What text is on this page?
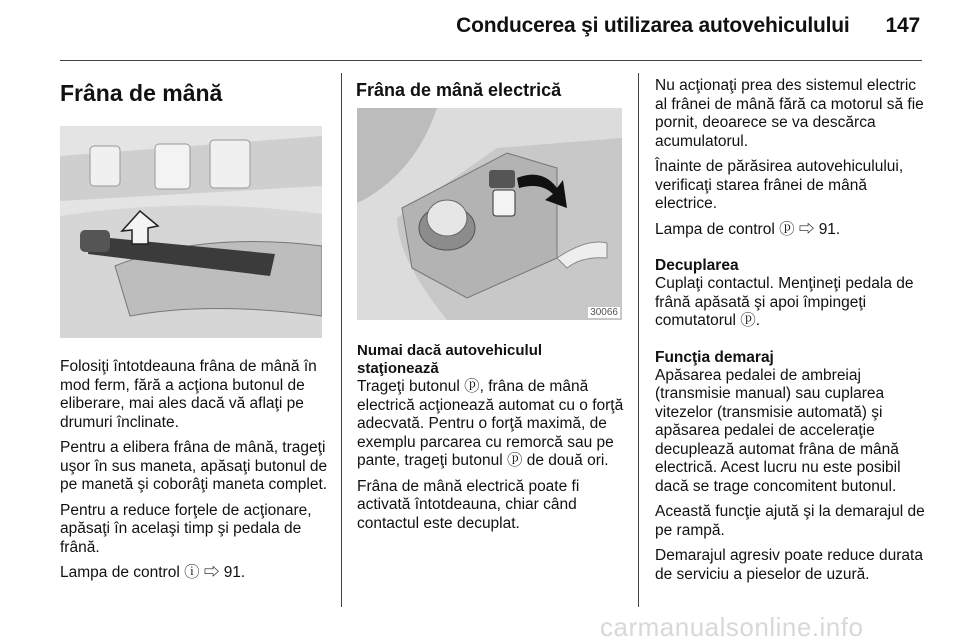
Conducerea şi utilizarea autovehiculului 147
Frâna de mână

Folosiţi întotdeauna frâna de mână în mod ferm, fără a acţiona butonul de eliberare, mai ales dacă vă aflaţi pe drumuri înclinate.

Pentru a elibera frâna de mână, trageţi uşor în sus maneta, apăsaţi butonul de pe manetă şi coborâţi maneta complet.

Pentru a reduce forţele de acţionare, apăsaţi în acelaşi timp şi pedala de frână.

Lampa de control ⓘ ⇨ 91.

Frâna de mână electrică
30066
Numai dacă autovehiculul staţionează

Trageţi butonul ⓟ, frâna de mână electrică acţionează automat cu o forţă adecvată. Pentru o forţă maximă, de exemplu parcarea cu remorcă sau pe pante, trageţi butonul ⓟ de două ori.

Frâna de mână electrică poate fi activată întotdeauna, chiar când contactul este decuplat.

Nu acţionaţi prea des sistemul electric al frânei de mână fără ca motorul să fie pornit, deoarece se va descărca acumulatorul.

Înainte de părăsirea autovehiculului, verificaţi starea frânei de mână electrice.

Lampa de control ⓟ ⇨ 91.

Decuplarea

Cuplaţi contactul. Menţineţi pedala de frână apăsată şi apoi împingeţi comutatorul ⓟ.

Funcţia demaraj

Apăsarea pedalei de ambreiaj (transmisie manual) sau cuplarea vitezelor (transmisie automată) şi apăsarea pedalei de acceleraţie decuplează automat frâna de mână electrică. Acest lucru nu este posibil dacă se trage concomitent butonul.

Această funcţie ajută şi la demarajul de pe rampă.

Demarajul agresiv poate reduce durata de serviciu a pieselor de uzură.

carmanualsonline.info
